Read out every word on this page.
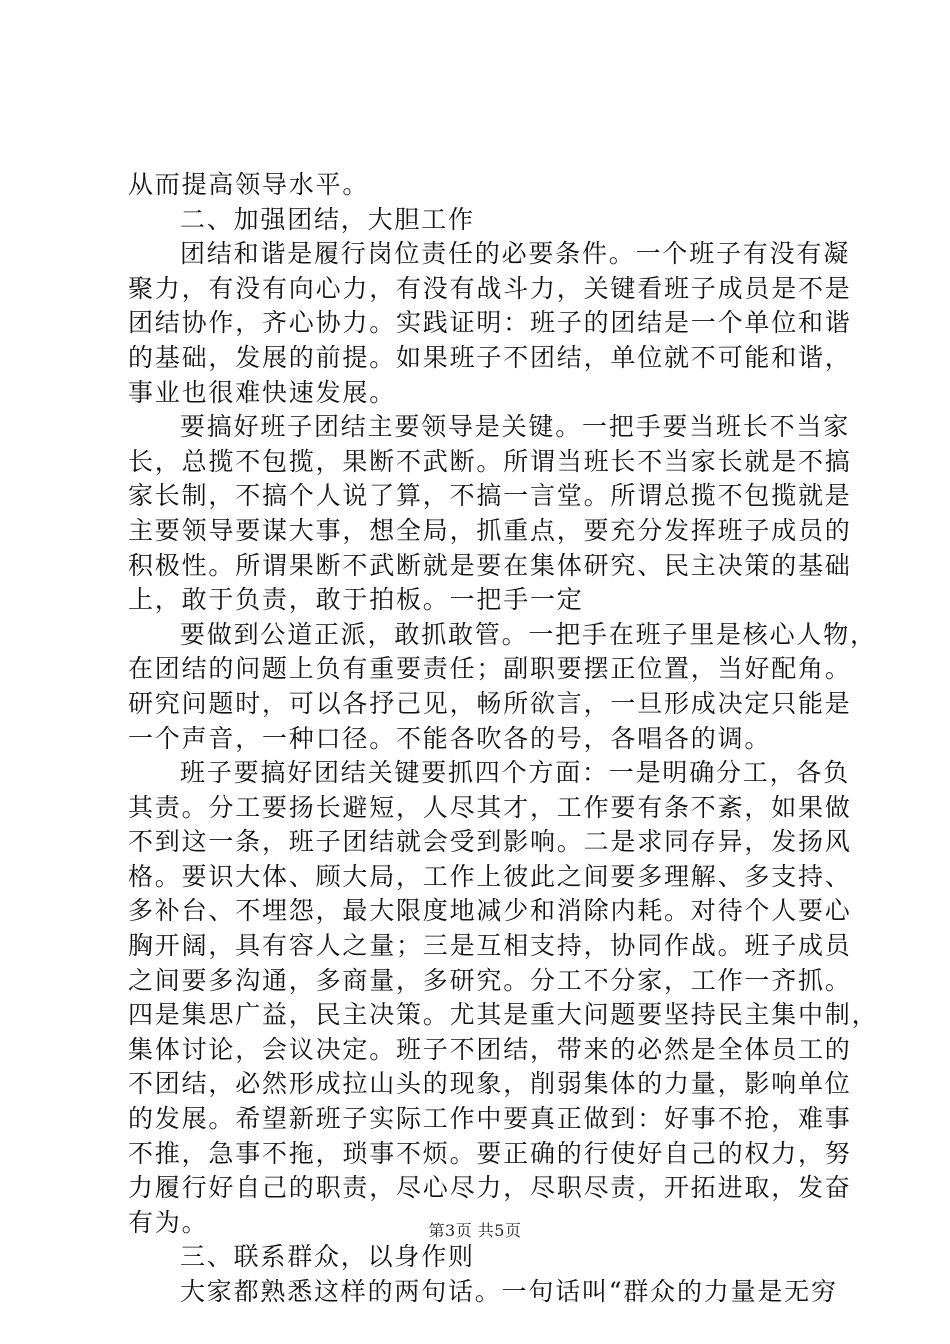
从而提高领导水平。
二、加强团结，大胆工作
团结和谐是履行岗位责任的必要条件。一个班子有没有凝
聚力，有没有向心力，有没有战斗力，关键看班子成员是不是
团结协作，齐心协力。实践证明：班子的团结是一个单位和谐
的基础，发展的前提。如果班子不团结，单位就不可能和谐，
事业也很难快速发展。
要搞好班子团结主要领导是关键。一把手要当班长不当家
长，总揽不包揽，果断不武断。所谓当班长不当家长就是不搞
家长制，不搞个人说了算，不搞一言堂。所谓总揽不包揽就是
主要领导要谋大事，想全局，抓重点，要充分发挥班子成员的
积极性。所谓果断不武断就是要在集体研究、民主决策的基础
上，敢于负责，敢于拍板。一把手一定
要做到公道正派，敢抓敢管。一把手在班子里是核心人物，
在团结的问题上负有重要责任；副职要摆正位置，当好配角。
研究问题时，可以各抒己见，畅所欲言，一旦形成决定只能是
一个声音，一种口径。不能各吹各的号，各唱各的调。
班子要搞好团结关键要抓四个方面：一是明确分工，各负
其责。分工要扬长避短，人尽其才，工作要有条不紊，如果做
不到这一条，班子团结就会受到影响。二是求同存异，发扬风
格。要识大体、顾大局，工作上彼此之间要多理解、多支持、
多补台、不埋怨，最大限度地减少和消除内耗。对待个人要心
胸开阔，具有容人之量；三是互相支持，协同作战。班子成员
之间要多沟通，多商量，多研究。分工不分家，工作一齐抓。
四是集思广益，民主决策。尤其是重大问题要坚持民主集中制，
集体讨论，会议决定。班子不团结，带来的必然是全体员工的
不团结，必然形成拉山头的现象，削弱集体的力量，影响单位
的发展。希望新班子实际工作中要真正做到：好事不抢，难事
不推，急事不拖，琐事不烦。要正确的行使好自己的权力，努
力履行好自己的职责，尽心尽力，尽职尽责，开拓进取，发奋
有为。
三、联系群众，以身作则
大家都熟悉这样的两句话。一句话叫“群众的力量是无穷
第3页 共5页
